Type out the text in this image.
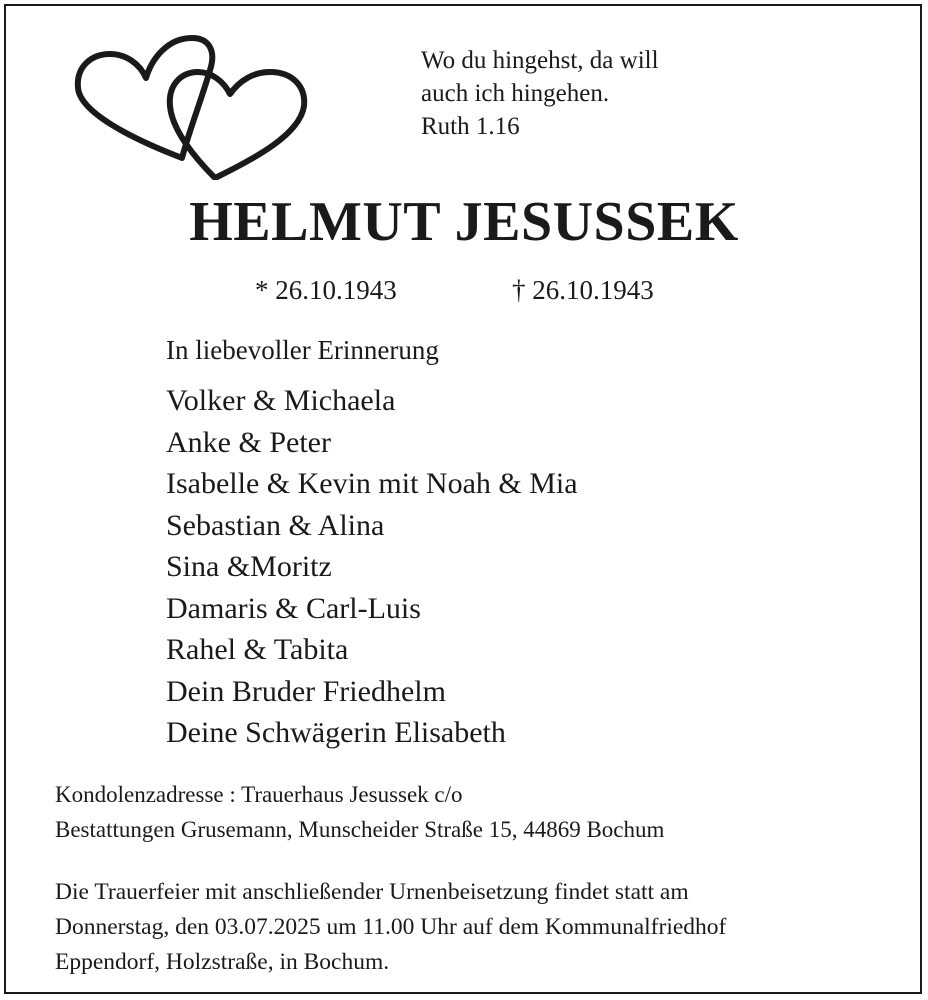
Wo du hingehst, da will
auch ich hingehen.
Ruth 1.16
HELMUT JESUSSEK
* 26.10.1943	† 26.10.1943
In liebevoller Erinnerung
Volker & Michaela
Anke & Peter
Isabelle & Kevin mit Noah & Mia
Sebastian & Alina
Sina &Moritz
Damaris & Carl-Luis
Rahel & Tabita
Dein Bruder Friedhelm
Deine Schwägerin Elisabeth
Kondolenzadresse : Trauerhaus Jesussek c/o
Bestattungen Grusemann, Munscheider Straße 15, 44869 Bochum
Die Trauerfeier mit anschließender Urnenbeisetzung findet statt am
Donnerstag, den 03.07.2025 um 11.00 Uhr auf dem Kommunalfriedhof
Eppendorf, Holzstraße, in Bochum.
